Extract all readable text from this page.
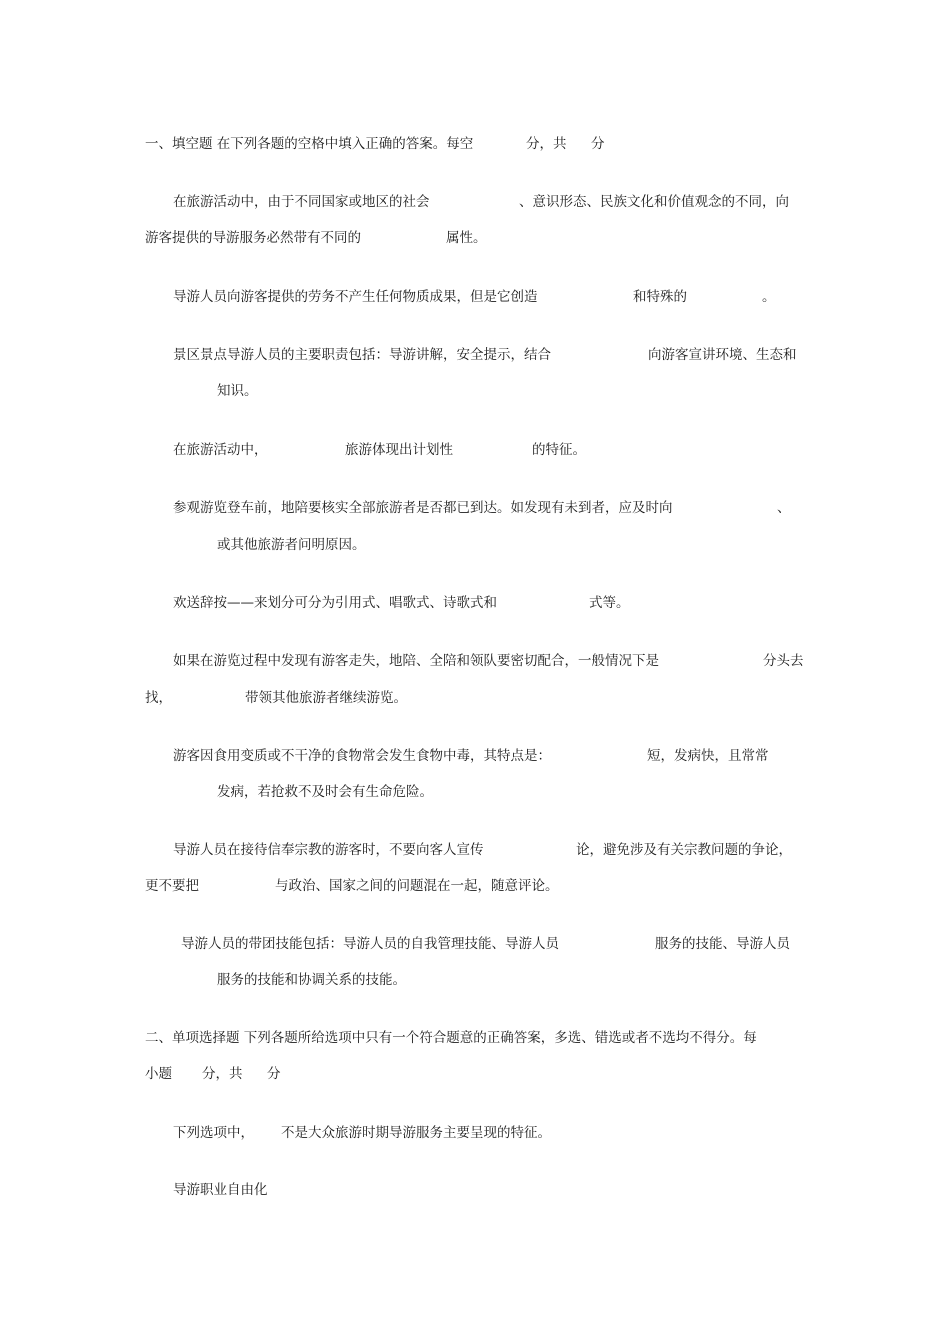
一、填空题 在下列各题的空格中填入正确的答案。每空	分，共 分
在旅游活动中，由于不同国家或地区的社会	、意识形态、民族文化和价值观念的不同，向
游客提供的导游服务必然带有不同的	属性。
导游人员向游客提供的劳务不产生任何物质成果，但是它创造	和特殊的	。
景区景点导游人员的主要职责包括：导游讲解，安全提示，结合	向游客宣讲环境、生态和
知识。
在旅游活动中，	旅游体现出计划性	的特征。
参观游览登车前，地陪要核实全部旅游者是否都已到达。如发现有未到者，应及时向	、
或其他旅游者问明原因。
欢送辞按——来划分可分为引用式、唱歌式、诗歌式和	式等。
如果在游览过程中发现有游客走失，地陪、全陪和领队要密切配合，一般情况下是	分头去
找，	带领其他旅游者继续游览。
游客因食用变质或不干净的食物常会发生食物中毒，其特点是：	短，发病快，且常常
发病，若抢救不及时会有生命危险。
导游人员在接待信奉宗教的游客时，不要向客人宣传	论，避免涉及有关宗教问题的争论，
更不要把	与政治、国家之间的问题混在一起，随意评论。
导游人员的带团技能包括：导游人员的自我管理技能、导游人员	服务的技能、导游人员
服务的技能和协调关系的技能。
二、单项选择题 下列各题所给选项中只有一个符合题意的正确答案，多选、错选或者不选均不得分。每
小题 分，共 分
下列选项中， 不是大众旅游时期导游服务主要呈现的特征。
导游职业自由化
